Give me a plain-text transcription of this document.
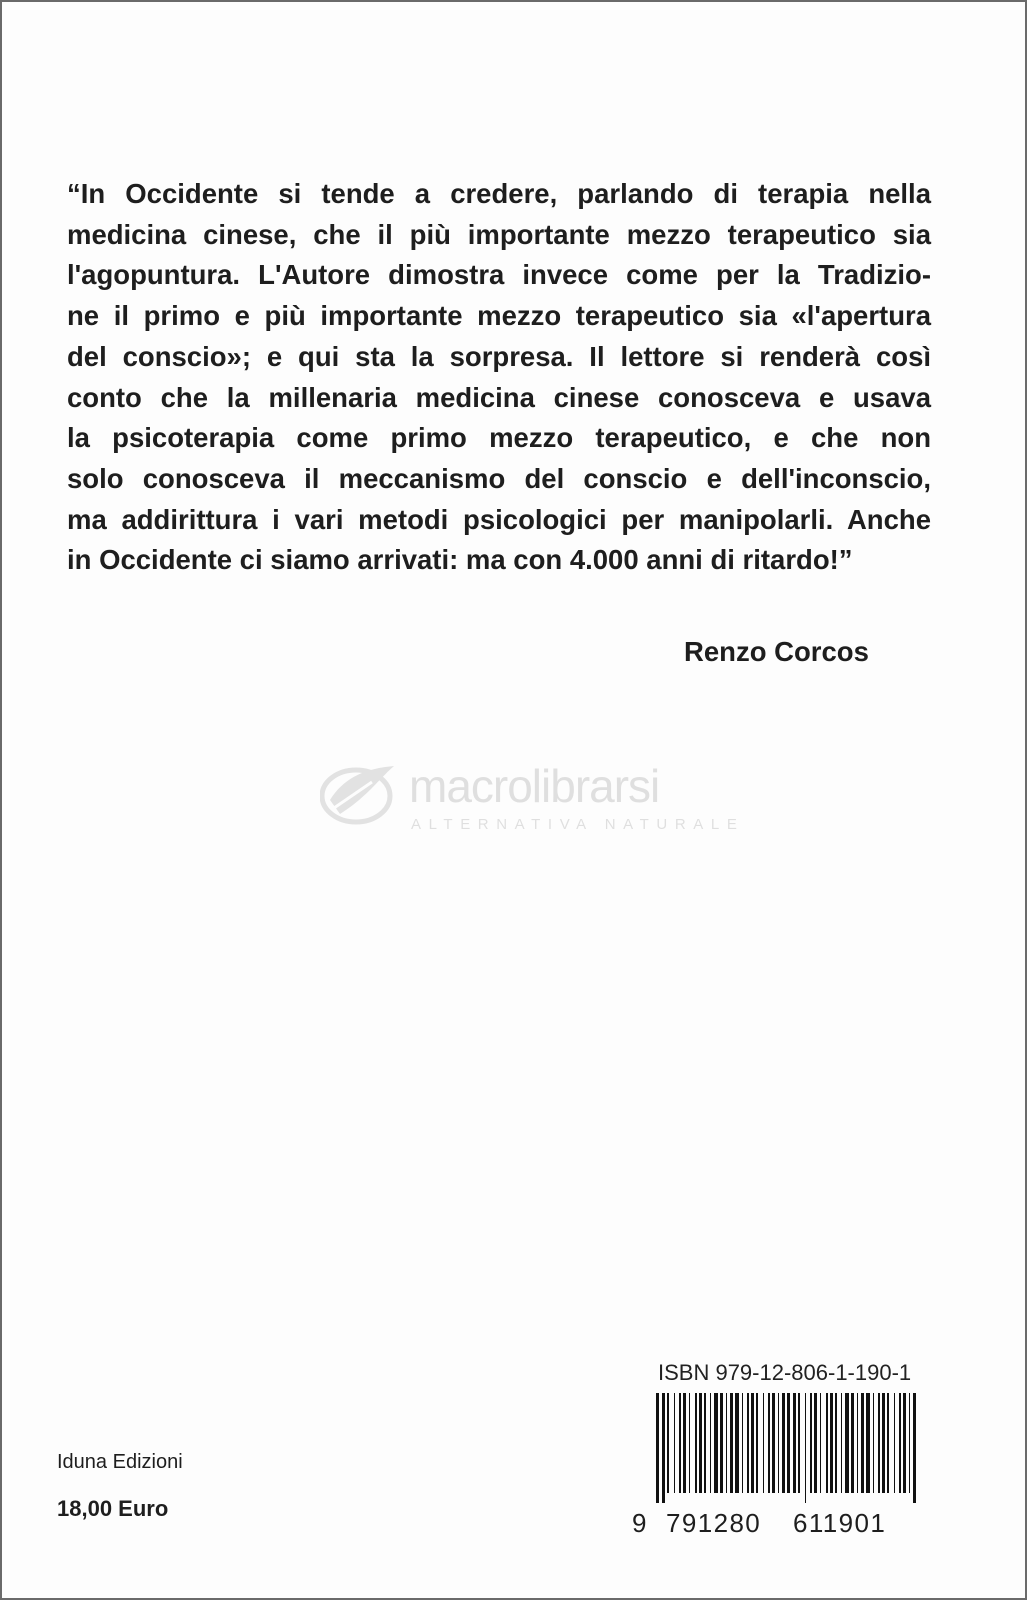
“In Occidente si tende a credere, parlando di terapia nella
medicina cinese, che il più importante mezzo terapeutico sia
l'agopuntura. L'Autore dimostra invece come per la Tradizio-
ne il primo e più importante mezzo terapeutico sia «l'apertura
del conscio»; e qui sta la sorpresa. Il lettore si renderà così
conto che la millenaria medicina cinese conosceva e usava
la psicoterapia come primo mezzo terapeutico, e che non
solo conosceva il meccanismo del conscio e dell'inconscio,
ma addirittura i vari metodi psicologici per manipolarli. Anche
in Occidente ci siamo arrivati: ma con 4.000 anni di ritardo!”
Renzo Corcos
macrolibrarsi
ALTERNATIVA NATURALE
ISBN 979-12-806-1-190-1
9 791280 611901
Iduna Edizioni
18,00 Euro
